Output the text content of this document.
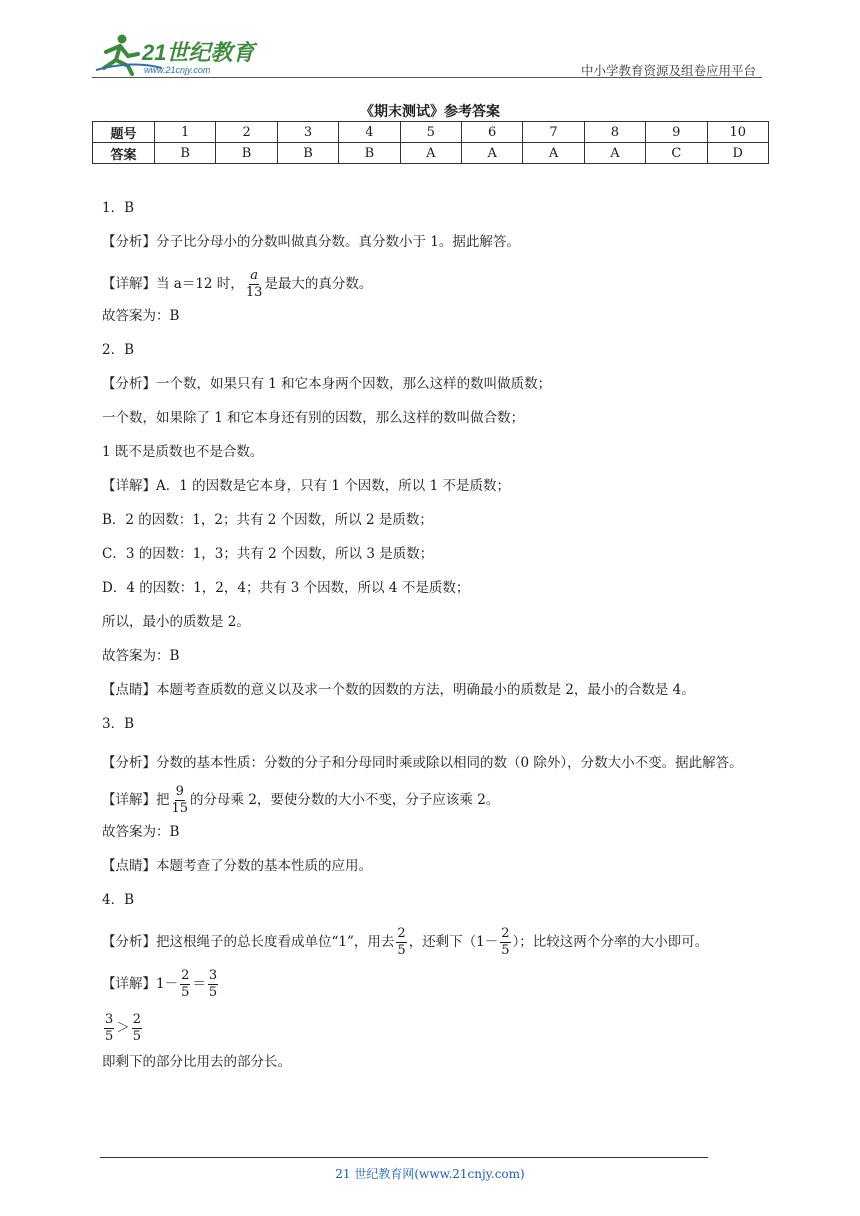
21世纪教育
www.21cnjy.com	中小学教育资源及组卷应用平台
《期末测试》参考答案
题号	1	2	3	4	5	6	7	8	9	10
答案	B	B	B	B	A	A	A	A	C	D
1．B
【分析】分子比分母小的分数叫做真分数。真分数小于 1。据此解答。
【详解】当 a＝12 时， $\frac{a}{13}$ 是最大的真分数。
故答案为：B
2．B
【分析】一个数，如果只有 1 和它本身两个因数，那么这样的数叫做质数；
一个数，如果除了 1 和它本身还有别的因数，那么这样的数叫做合数；
1 既不是质数也不是合数。
【详解】A．1 的因数是它本身，只有 1 个因数，所以 1 不是质数；
B．2 的因数：1，2；共有 2 个因数，所以 2 是质数；
C．3 的因数：1，3；共有 2 个因数，所以 3 是质数；
D．4 的因数：1，2，4；共有 3 个因数，所以 4 不是质数；
所以，最小的质数是 2。
故答案为：B
【点睛】本题考查质数的意义以及求一个数的因数的方法，明确最小的质数是 2，最小的合数是 4。
3．B
【分析】分数的基本性质：分数的分子和分母同时乘或除以相同的数（0 除外），分数大小不变。据此解答。
【详解】把 $\frac{9}{15}$ 的分母乘 2，要使分数的大小不变，分子应该乘 2。
故答案为：B
【点睛】本题考查了分数的基本性质的应用。
4．B
【分析】把这根绳子的总长度看成单位“1”，用去 $\frac{2}{5}$ ，还剩下（$1- \frac{2}{5}$ ）；比较这两个分率的大小即可。
【详解】$1- \frac{2}{5} = \frac{3}{5}$
$\frac{3}{5} > \frac{2}{5}$
即剩下的部分比用去的部分长。
21 世纪教育网(www.21cnjy.com)
